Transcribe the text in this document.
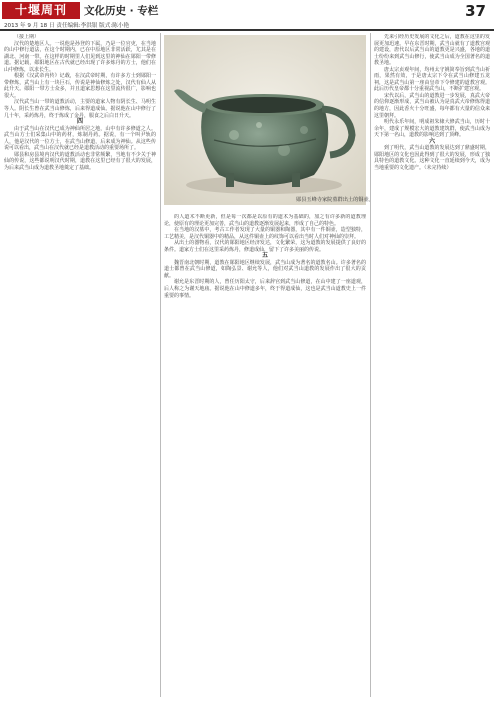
十堰周刊	文化历史 · 专栏
2013 年 9 月 18 日 责任编辑:李洪银 版式:陈小艳
37

（接上期）

汉代的楚地区人。一说他是孙登的下属，乃是一位官吏，在当地的山中修行道法，在这个时期内，已在中原地区非常活跃，尤其是在湖北、河南一带。在这样的时期里人们见到这里的神仙在郧阳一带修道。据记载，郧阳地区在古代就已经出现了许多炼丹的方士，他们在山中修炼，以求长生。

根据《汉武帝内传》记载，在汉武帝时期，有许多方士到郧阳一带修炼，武当山上有一块巨石，传说是神仙修炼之处，汉代有仙人从此升天。郧阳一带方士众多，并且道家思想在这里流传很广，影响也很大。

汉代武当山一带的道教活动，主要的道家人物有阴长生、马明生等人。阴长生曾在武当山修炼，后来得道成仙。据说他在山中修行了几十年，采药炼丹，终于炼成了金丹，服食之后白日升天。

四

由于武当山在汉代已成为神仙所居之地，山中有许多修道之人。武当山方士们采集山中的药材，炼制丹药。据说，有一个叫尹轨的人，他是汉代的一位方士，在武当山修道，后来成为神仙。从这些传说可以看出，武当山在汉代就已经是道教活动的重要场所了。

郧县和房县境内汉代的道教活动也非常频繁，当地有不少关于神仙的传说，这些都说明汉代时期，道教在这里已经有了很大的发展，为后来武当山成为道教圣地奠定了基础。

郧县玉峰寺家院墓群出土的铜壶。

的人道术不断更新，但是每一次都是以原有的道术为基础的，加之有许多新的道教理论，使原有的理论更加完善，武当山的道教逐渐发展起来，形成了自己的特色。

在当地的汉墓中，考古工作者发现了大量的铜器和陶器，其中有一件铜壶，造型独特，工艺精美，是汉代铜器中的精品，从这件铜壶上的纹饰可以看出当时人们对神仙的崇拜。

从出土的器物看，汉代的郧阳地区经济发达，文化繁荣，这为道教的发展提供了良好的条件。道家方士们在这里采药炼丹，修道成仙，留下了许多美丽的传说。

五

魏晋南北朝时期，道教在郧阳地区继续发展，武当山成为著名的道教名山。许多著名的道士都曾在武当山修道，如陶弘景、谢允等人，他们对武当山道教的发展作出了很大的贡献。

谢允是东晋时期的人，曾任历阳太守，后来辞官到武当山修道，在山中建了一座道观，后人称之为谢天地庙。据说他在山中修道多年，终于得道成仙，这也是武当山道教史上一件重要的事情。

先来引经历史发展的文化之后，道教在这里的发展更加迅速。早在东晋时期，武当山就有了道教宫观的建设，唐代以后武当山的道教更是兴盛，各地的道士纷纷来到武当山修行，使武当山成为全国著名的道教圣地。

唐太宗贞观年间，均州太守姚简奉旨到武当山祈雨，果然有效，于是唐太宗下令在武当山修建五龙祠，这是武当山第一座由皇帝下令修建的道教宫观。此后历代皇帝都十分重视武当山，不断扩建宫观。

宋代以后，武当山的道教进一步发展，真武大帝的信仰逐渐形成，武当山被认为是真武大帝修炼得道的地方，因此香火十分旺盛，每年都有大量的信众来这里朝拜。

明代永乐年间，明成祖朱棣大修武当山，历时十余年，建成了规模宏大的道教建筑群，使武当山成为天下第一名山，道教的影响达到了顶峰。

六

到了明代，武当山道教的发展达到了鼎盛时期，郧阳地区的文化也因此得到了很大的发展，形成了独具特色的道教文化。这种文化一直延续到今天，成为当地重要的文化遗产。（未完待续）
